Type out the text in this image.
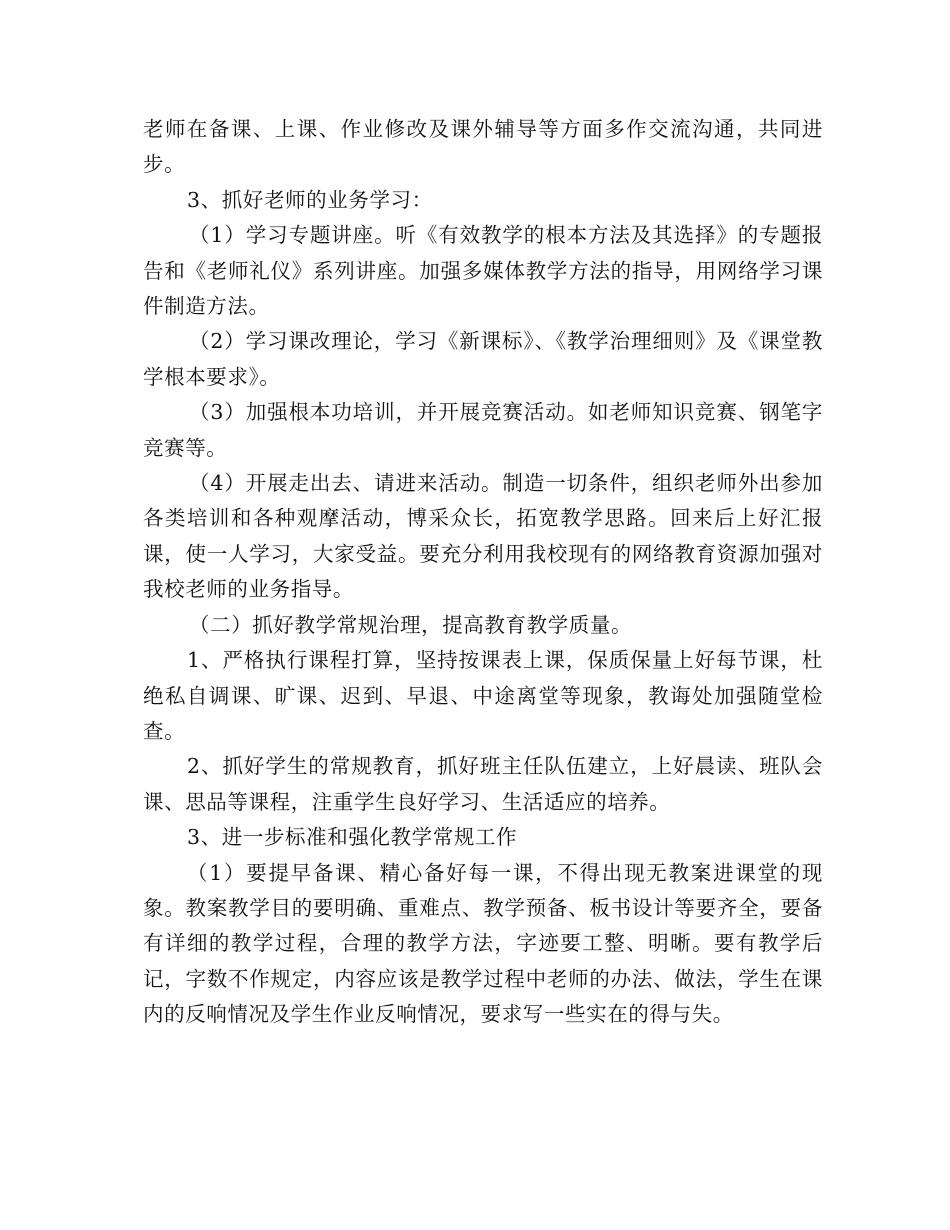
老师在备课、上课、作业修改及课外辅导等方面多作交流沟通，共同进步。

3、抓好老师的业务学习：

（1）学习专题讲座。听《有效教学的根本方法及其选择》的专题报告和《老师礼仪》系列讲座。加强多媒体教学方法的指导，用网络学习课件制造方法。

（2）学习课改理论，学习《新课标》、《教学治理细则》及《课堂教学根本要求》。

（3）加强根本功培训，并开展竞赛活动。如老师知识竞赛、钢笔字竞赛等。

（4）开展走出去、请进来活动。制造一切条件，组织老师外出参加各类培训和各种观摩活动，博采众长，拓宽教学思路。回来后上好汇报课，使一人学习，大家受益。要充分利用我校现有的网络教育资源加强对我校老师的业务指导。

（二）抓好教学常规治理，提高教育教学质量。

1、严格执行课程打算，坚持按课表上课，保质保量上好每节课，杜绝私自调课、旷课、迟到、早退、中途离堂等现象，教诲处加强随堂检查。

2、抓好学生的常规教育，抓好班主任队伍建立，上好晨读、班队会课、思品等课程，注重学生良好学习、生活适应的培养。

3、进一步标准和强化教学常规工作

（1）要提早备课、精心备好每一课，不得出现无教案进课堂的现象。教案教学目的要明确、重难点、教学预备、板书设计等要齐全，要备有详细的教学过程，合理的教学方法，字迹要工整、明晰。要有教学后记，字数不作规定，内容应该是教学过程中老师的办法、做法，学生在课内的反响情况及学生作业反响情况，要求写一些实在的得与失。
